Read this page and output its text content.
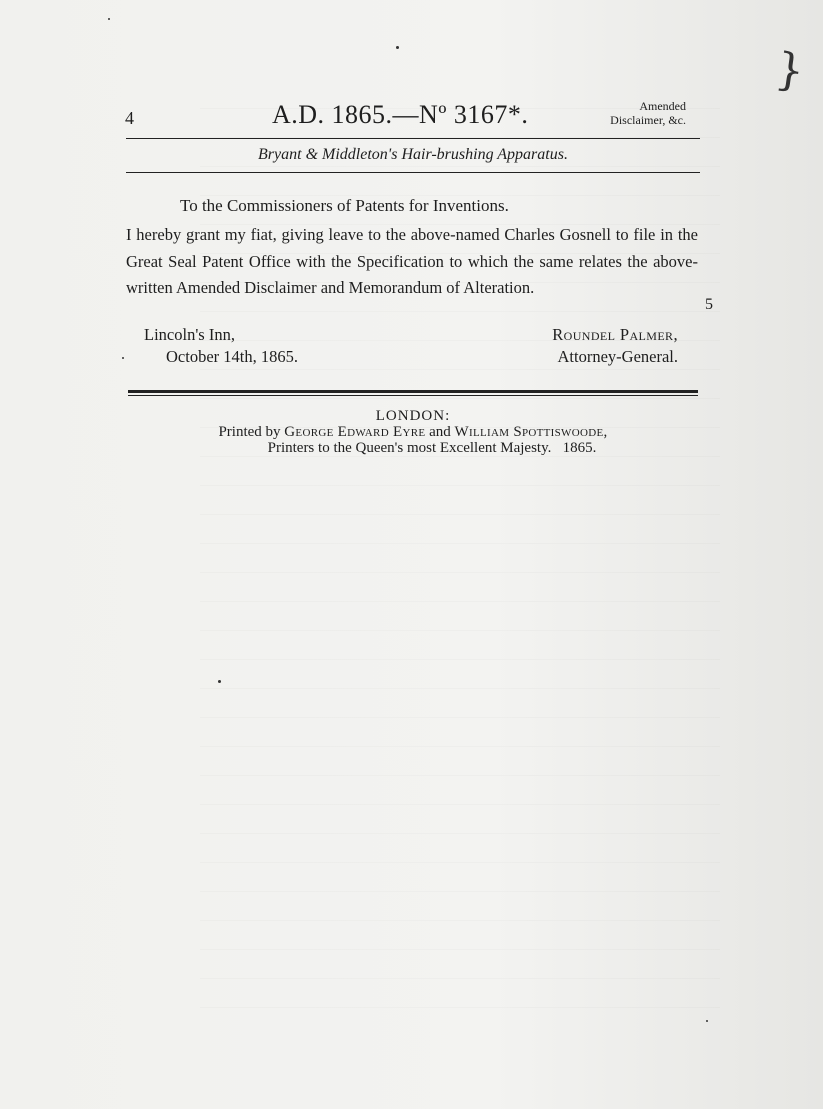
}
4	A.D. 1865.—Nº 3167*.	Amended
Disclaimer, &c.
Bryant & Middleton's Hair-brushing Apparatus.
To the Commissioners of Patents for Inventions.
I hereby grant my fiat, giving leave to the above-named Charles Gosnell to file in the Great Seal Patent Office with the Specification to which the same relates the above-written Amended Disclaimer and Memorandum of Alteration.
5
Lincoln's Inn,
October 14th, 1865.
Roundel Palmer,
Attorney-General.
LONDON:
Printed by George Edward Eyre and William Spottiswoode,
Printers to the Queen's most Excellent Majesty.   1865.
